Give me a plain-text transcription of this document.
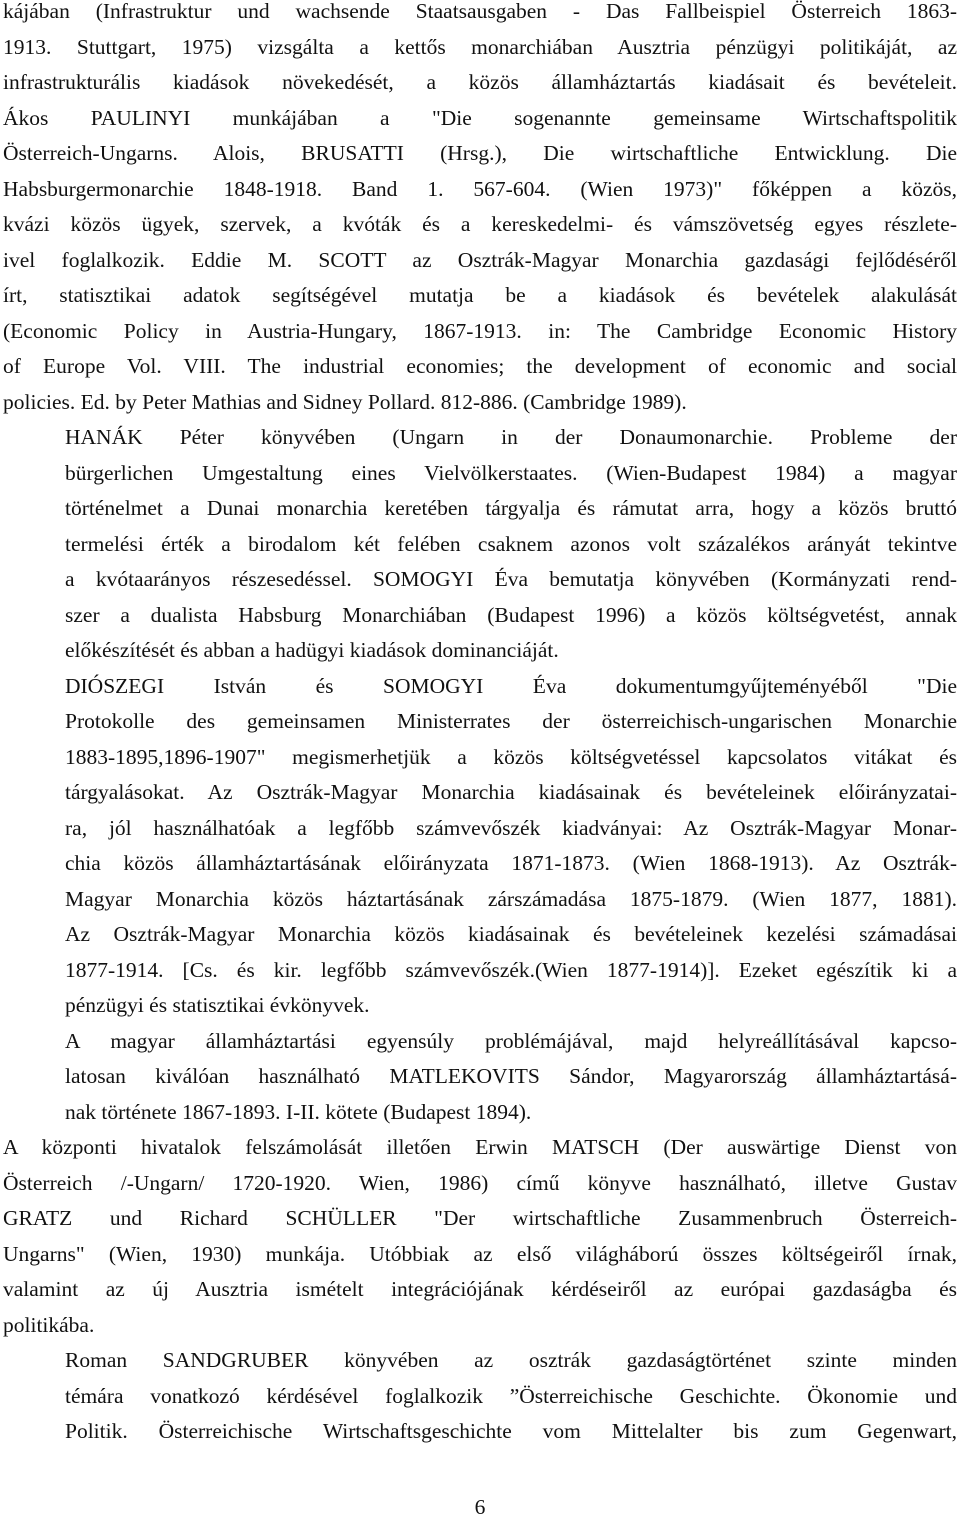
kájában (Infrastruktur und wachsende Staatsausgaben - Das Fallbeispiel Österreich 1863-
1913. Stuttgart, 1975) vizsgálta a kettős monarchiában Ausztria pénzügyi politikáját, az
infrastrukturális kiadások növekedését, a közös államháztartás kiadásait és bevételeit.
Ákos PAULINYI munkájában a "Die sogenannte gemeinsame Wirtschaftspolitik
Österreich-Ungarns. Alois, BRUSATTI (Hrsg.), Die wirtschaftliche Entwicklung. Die
Habsburgermonarchie 1848-1918. Band 1. 567-604. (Wien 1973)" főképpen a közös,
kvázi közös ügyek, szervek, a kvóták és a kereskedelmi- és vámszövetség egyes részlete-
ivel foglalkozik. Eddie M. SCOTT az Osztrák-Magyar Monarchia gazdasági fejlődéséről
írt, statisztikai adatok segítségével mutatja be a kiadások és bevételek alakulását
(Economic Policy in Austria-Hungary, 1867-1913. in: The Cambridge Economic History
of Europe Vol. VIII. The industrial economies; the development of economic and social
policies. Ed. by Peter Mathias and Sidney Pollard. 812-886. (Cambridge 1989).

HANÁK Péter könyvében (Ungarn in der Donaumonarchie. Probleme der
bürgerlichen Umgestaltung eines Vielvölkerstaates. (Wien-Budapest 1984) a magyar
történelmet a Dunai monarchia keretében tárgyalja és rámutat arra, hogy a közös bruttó
termelési érték a birodalom két felében csaknem azonos volt százalékos arányát tekintve
a kvótaarányos részesedéssel. SOMOGYI Éva bemutatja könyvében (Kormányzati rend-
szer a dualista Habsburg Monarchiában (Budapest 1996) a közös költségvetést, annak
előkészítését és abban a hadügyi kiadások dominanciáját.

DIÓSZEGI István és SOMOGYI Éva dokumentumgyűjteményéből "Die
Protokolle des gemeinsamen Ministerrates der österreichisch-ungarischen Monarchie
1883-1895,1896-1907" megismerhetjük a közös költségvetéssel kapcsolatos vitákat és
tárgyalásokat. Az Osztrák-Magyar Monarchia kiadásainak és bevételeinek előirányzatai-
ra, jól használhatóak a legfőbb számvevőszék kiadványai: Az Osztrák-Magyar Monar-
chia közös államháztartásának előirányzata 1871-1873. (Wien 1868-1913). Az Osztrák-
Magyar Monarchia közös háztartásának zárszámadása 1875-1879. (Wien 1877, 1881).
Az Osztrák-Magyar Monarchia közös kiadásainak és bevételeinek kezelési számadásai
1877-1914. [Cs. és kir. legfőbb számvevőszék.(Wien 1877-1914)]. Ezeket egészítik ki a
pénzügyi és statisztikai évkönyvek.

A magyar államháztartási egyensúly problémájával, majd helyreállításával kapcso-
latosan kiválóan használható MATLEKOVITS Sándor, Magyarország államháztartásá-
nak története 1867-1893. I-II. kötete (Budapest 1894).

A központi hivatalok felszámolását illetően Erwin MATSCH (Der auswärtige Dienst von
Österreich /-Ungarn/ 1720-1920. Wien, 1986) című könyve használható, illetve Gustav
GRATZ und Richard SCHÜLLER "Der wirtschaftliche Zusammenbruch Österreich-
Ungarns" (Wien, 1930) munkája. Utóbbiak az első világháború összes költségeiről írnak,
valamint az új Ausztria ismételt integrációjának kérdéseiről az európai gazdaságba és
politikába.

Roman SANDGRUBER könyvében az osztrák gazdaságtörténet szinte minden
témára vonatkozó kérdésével foglalkozik ”Österreichische Geschichte. Ökonomie und
Politik. Österreichische Wirtschaftsgeschichte vom Mittelalter bis zum Gegenwart,

6
